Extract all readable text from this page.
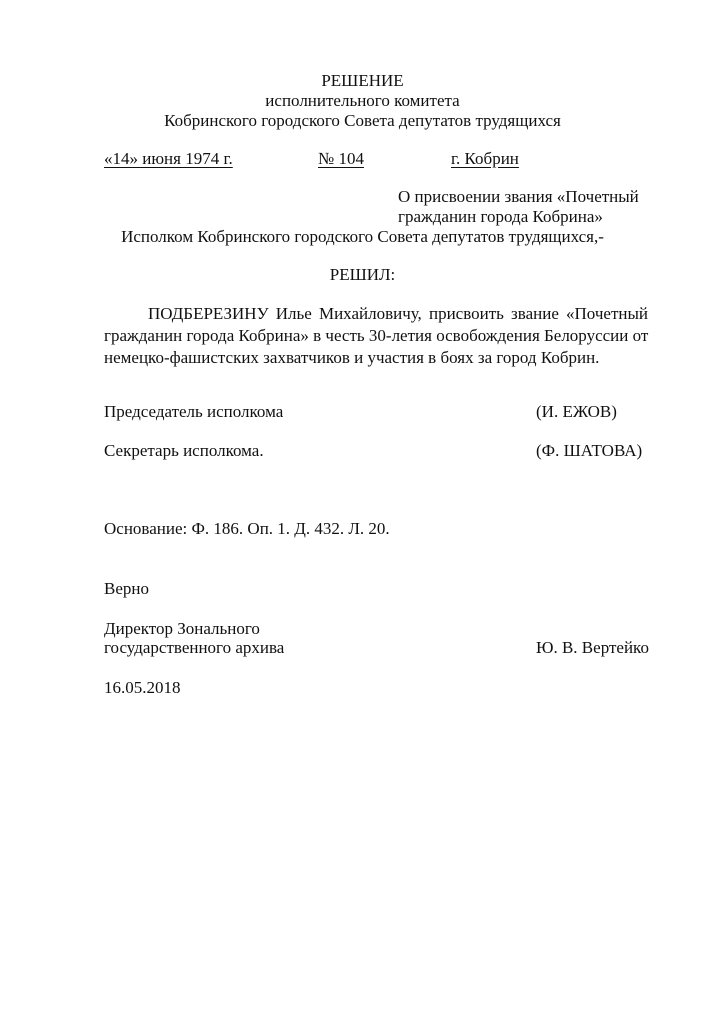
РЕШЕНИЕ
исполнительного комитета
Кобринского городского Совета депутатов трудящихся
«14» июня 1974 г.	№ 104	г. Кобрин
О присвоении звания «Почетный
гражданин города Кобрина»
Исполком Кобринского городского Совета депутатов трудящихся,-
РЕШИЛ:
ПОДБЕРЕЗИНУ Илье Михайловичу, присвоить звание «Почетный
гражданин города Кобрина» в честь 30-летия освобождения Белоруссии от
немецко-фашистских захватчиков и участия в боях за город Кобрин.
Председатель исполкома	(И. ЕЖОВ)
Секретарь исполкома.	(Ф. ШАТОВА)
Основание: Ф. 186. Оп. 1. Д. 432. Л. 20.
Верно
Директор Зонального
государственного архива	Ю. В. Вертейко
16.05.2018
